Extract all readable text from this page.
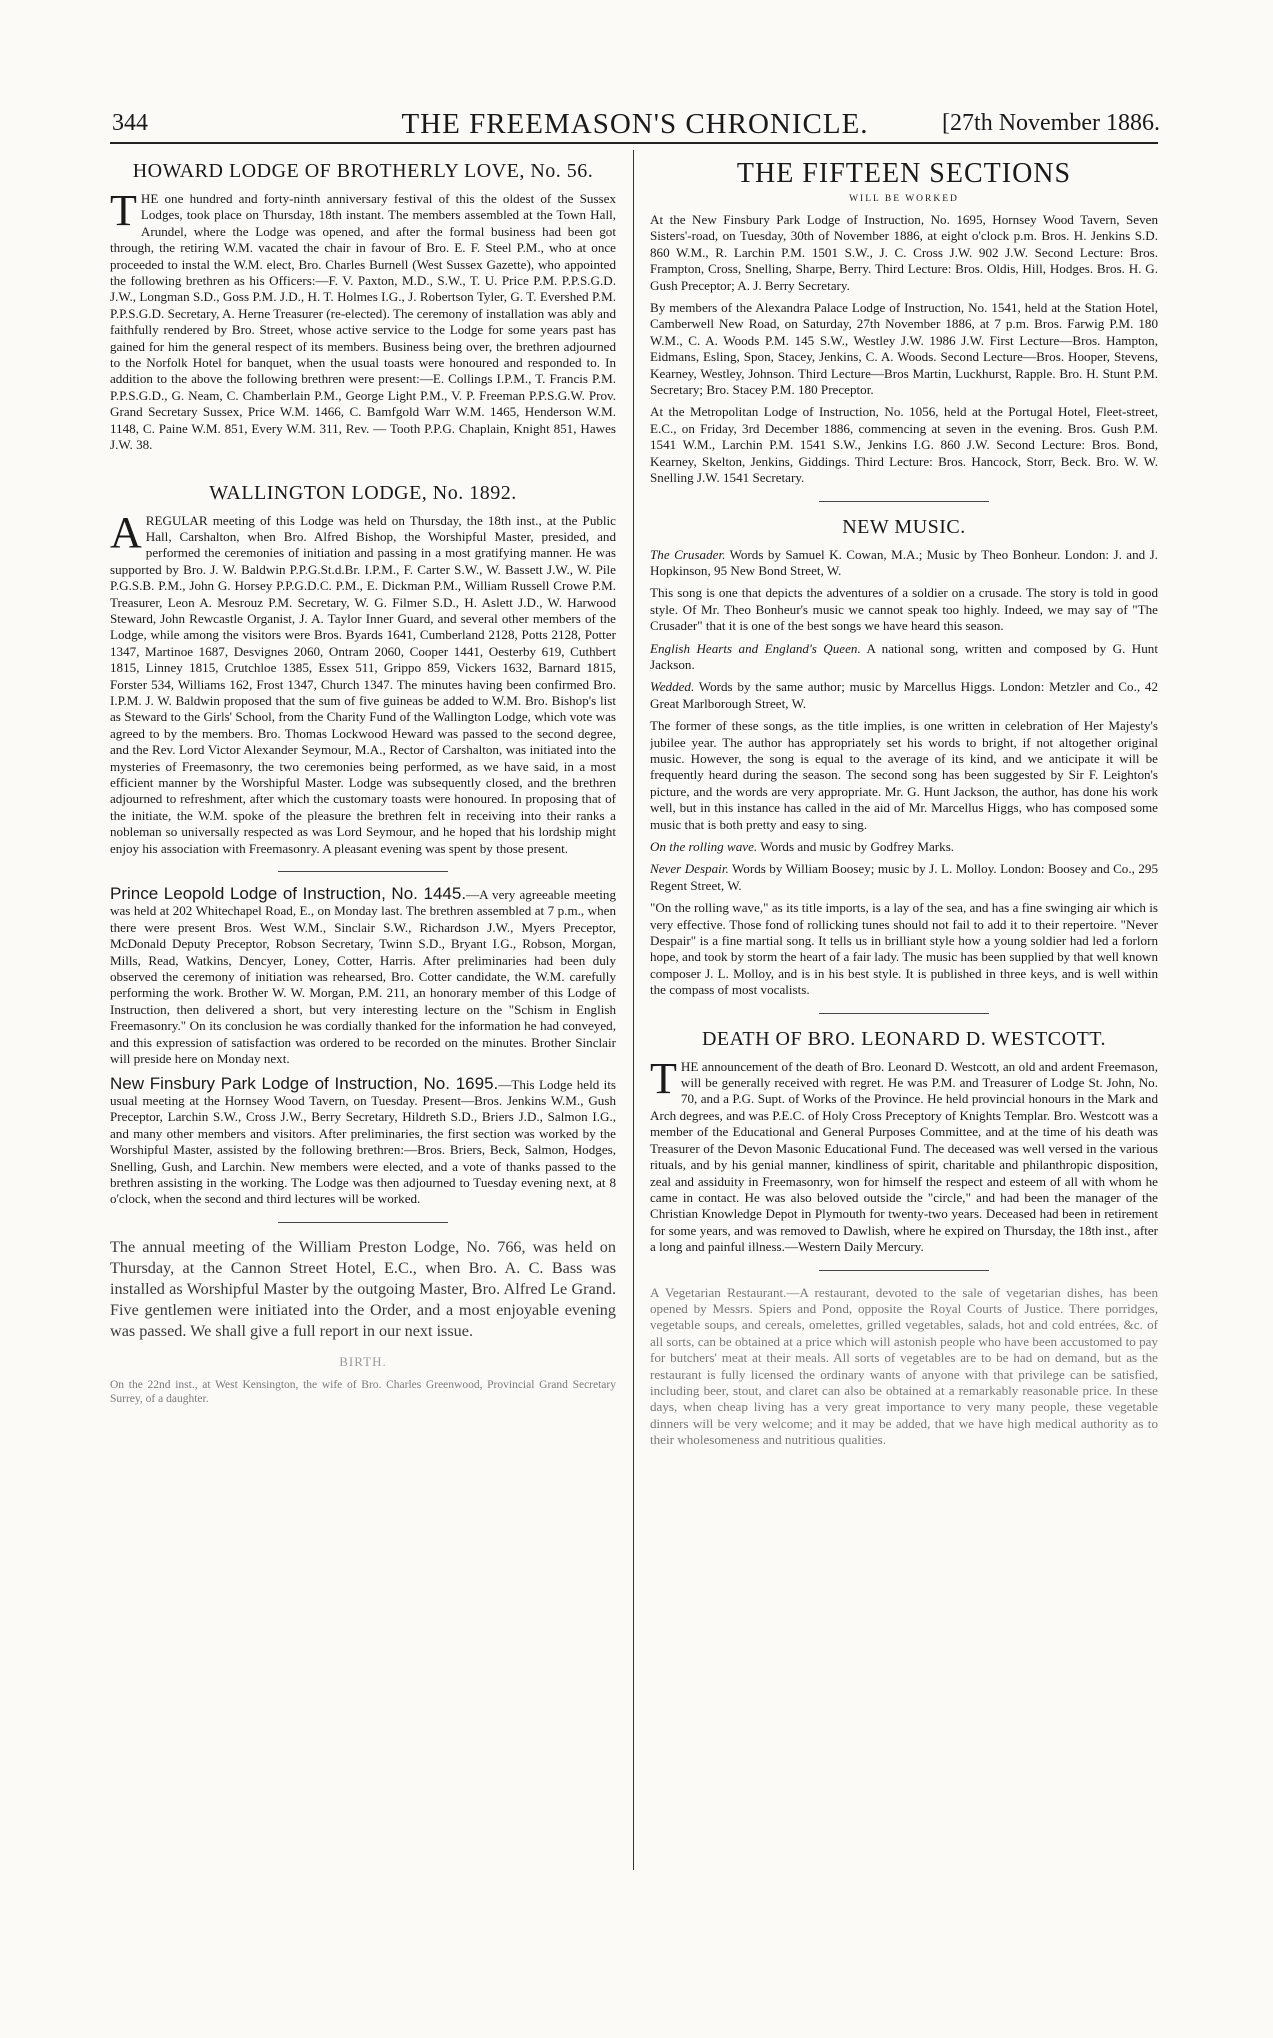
344	THE FREEMASON'S CHRONICLE.	[27th November 1886.
HOWARD LODGE OF BROTHERLY LOVE, No. 56.

THE one hundred and forty-ninth anniversary festival of this the oldest of the Sussex Lodges, took place on Thursday, 18th instant. The members assembled at the Town Hall, Arundel, where the Lodge was opened, and after the formal business had been got through, the retiring W.M. vacated the chair in favour of Bro. E. F. Steel P.M., who at once proceeded to instal the W.M. elect, Bro. Charles Burnell (West Sussex Gazette), who appointed the following brethren as his Officers:—F. V. Paxton, M.D., S.W., T. U. Price P.M. P.P.S.G.D. J.W., Longman S.D., Goss P.M. J.D., H. T. Holmes I.G., J. Robertson Tyler, G. T. Evershed P.M. P.P.S.G.D. Secretary, A. Herne Treasurer (re-elected). The ceremony of installation was ably and faithfully rendered by Bro. Street, whose active service to the Lodge for some years past has gained for him the general respect of its members. Business being over, the brethren adjourned to the Norfolk Hotel for banquet, when the usual toasts were honoured and responded to. In addition to the above the following brethren were present:—E. Collings I.P.M., T. Francis P.M. P.P.S.G.D., G. Neam, C. Chamberlain P.M., George Light P.M., V. P. Freeman P.P.S.G.W. Prov. Grand Secretary Sussex, Price W.M. 1466, C. Bamfgold Warr W.M. 1465, Henderson W.M. 1148, C. Paine W.M. 851, Every W.M. 311, Rev. — Tooth P.P.G. Chaplain, Knight 851, Hawes J.W. 38.

WALLINGTON LODGE, No. 1892.

AREGULAR meeting of this Lodge was held on Thursday, the 18th inst., at the Public Hall, Carshalton, when Bro. Alfred Bishop, the Worshipful Master, presided, and performed the ceremonies of initiation and passing in a most gratifying manner. He was supported by Bro. J. W. Baldwin P.P.G.St.d.Br. I.P.M., F. Carter S.W., W. Bassett J.W., W. Pile P.G.S.B. P.M., John G. Horsey P.P.G.D.C. P.M., E. Dickman P.M., William Russell Crowe P.M. Treasurer, Leon A. Mesrouz P.M. Secretary, W. G. Filmer S.D., H. Aslett J.D., W. Harwood Steward, John Rewcastle Organist, J. A. Taylor Inner Guard, and several other members of the Lodge, while among the visitors were Bros. Byards 1641, Cumberland 2128, Potts 2128, Potter 1347, Martinoe 1687, Desvignes 2060, Ontram 2060, Cooper 1441, Oesterby 619, Cuthbert 1815, Linney 1815, Crutchloe 1385, Essex 511, Grippo 859, Vickers 1632, Barnard 1815, Forster 534, Williams 162, Frost 1347, Church 1347. The minutes having been confirmed Bro. I.P.M. J. W. Baldwin proposed that the sum of five guineas be added to W.M. Bro. Bishop's list as Steward to the Girls' School, from the Charity Fund of the Wallington Lodge, which vote was agreed to by the members. Bro. Thomas Lockwood Heward was passed to the second degree, and the Rev. Lord Victor Alexander Seymour, M.A., Rector of Carshalton, was initiated into the mysteries of Freemasonry, the two ceremonies being performed, as we have said, in a most efficient manner by the Worshipful Master. Lodge was subsequently closed, and the brethren adjourned to refreshment, after which the customary toasts were honoured. In proposing that of the initiate, the W.M. spoke of the pleasure the brethren felt in receiving into their ranks a nobleman so universally respected as was Lord Seymour, and he hoped that his lordship might enjoy his association with Freemasonry. A pleasant evening was spent by those present.

Prince Leopold Lodge of Instruction, No. 1445.—A very agreeable meeting was held at 202 Whitechapel Road, E., on Monday last. The brethren assembled at 7 p.m., when there were present Bros. West W.M., Sinclair S.W., Richardson J.W., Myers Preceptor, McDonald Deputy Preceptor, Robson Secretary, Twinn S.D., Bryant I.G., Robson, Morgan, Mills, Read, Watkins, Dencyer, Loney, Cotter, Harris. After preliminaries had been duly observed the ceremony of initiation was rehearsed, Bro. Cotter candidate, the W.M. carefully performing the work. Brother W. W. Morgan, P.M. 211, an honorary member of this Lodge of Instruction, then delivered a short, but very interesting lecture on the "Schism in English Freemasonry." On its conclusion he was cordially thanked for the information he had conveyed, and this expression of satisfaction was ordered to be recorded on the minutes. Brother Sinclair will preside here on Monday next.

New Finsbury Park Lodge of Instruction, No. 1695.—This Lodge held its usual meeting at the Hornsey Wood Tavern, on Tuesday. Present—Bros. Jenkins W.M., Gush Preceptor, Larchin S.W., Cross J.W., Berry Secretary, Hildreth S.D., Briers J.D., Salmon I.G., and many other members and visitors. After preliminaries, the first section was worked by the Worshipful Master, assisted by the following brethren:—Bros. Briers, Beck, Salmon, Hodges, Snelling, Gush, and Larchin. New members were elected, and a vote of thanks passed to the brethren assisting in the working. The Lodge was then adjourned to Tuesday evening next, at 8 o'clock, when the second and third lectures will be worked.

The annual meeting of the William Preston Lodge, No. 766, was held on Thursday, at the Cannon Street Hotel, E.C., when Bro. A. C. Bass was installed as Worshipful Master by the outgoing Master, Bro. Alfred Le Grand. Five gentlemen were initiated into the Order, and a most enjoyable evening was passed. We shall give a full report in our next issue.

BIRTH.

On the 22nd inst., at West Kensington, the wife of Bro. Charles Greenwood, Provincial Grand Secretary Surrey, of a daughter.

THE FIFTEEN SECTIONS
WILL BE WORKED

At the New Finsbury Park Lodge of Instruction, No. 1695, Hornsey Wood Tavern, Seven Sisters'-road, on Tuesday, 30th of November 1886, at eight o'clock p.m. Bros. H. Jenkins S.D. 860 W.M., R. Larchin P.M. 1501 S.W., J. C. Cross J.W. 902 J.W. Second Lecture: Bros. Frampton, Cross, Snelling, Sharpe, Berry. Third Lecture: Bros. Oldis, Hill, Hodges. Bros. H. G. Gush Preceptor; A. J. Berry Secretary.

By members of the Alexandra Palace Lodge of Instruction, No. 1541, held at the Station Hotel, Camberwell New Road, on Saturday, 27th November 1886, at 7 p.m. Bros. Farwig P.M. 180 W.M., C. A. Woods P.M. 145 S.W., Westley J.W. 1986 J.W. First Lecture—Bros. Hampton, Eidmans, Esling, Spon, Stacey, Jenkins, C. A. Woods. Second Lecture—Bros. Hooper, Stevens, Kearney, Westley, Johnson. Third Lecture—Bros Martin, Luckhurst, Rapple. Bro. H. Stunt P.M. Secretary; Bro. Stacey P.M. 180 Preceptor.

At the Metropolitan Lodge of Instruction, No. 1056, held at the Portugal Hotel, Fleet-street, E.C., on Friday, 3rd December 1886, commencing at seven in the evening. Bros. Gush P.M. 1541 W.M., Larchin P.M. 1541 S.W., Jenkins I.G. 860 J.W. Second Lecture: Bros. Bond, Kearney, Skelton, Jenkins, Giddings. Third Lecture: Bros. Hancock, Storr, Beck. Bro. W. W. Snelling J.W. 1541 Secretary.

NEW MUSIC.

The Crusader. Words by Samuel K. Cowan, M.A.; Music by Theo Bonheur. London: J. and J. Hopkinson, 95 New Bond Street, W.

This song is one that depicts the adventures of a soldier on a crusade. The story is told in good style. Of Mr. Theo Bonheur's music we cannot speak too highly. Indeed, we may say of "The Crusader" that it is one of the best songs we have heard this season.

English Hearts and England's Queen. A national song, written and composed by G. Hunt Jackson.

Wedded. Words by the same author; music by Marcellus Higgs. London: Metzler and Co., 42 Great Marlborough Street, W.

The former of these songs, as the title implies, is one written in celebration of Her Majesty's jubilee year. The author has appropriately set his words to bright, if not altogether original music. However, the song is equal to the average of its kind, and we anticipate it will be frequently heard during the season. The second song has been suggested by Sir F. Leighton's picture, and the words are very appropriate. Mr. G. Hunt Jackson, the author, has done his work well, but in this instance has called in the aid of Mr. Marcellus Higgs, who has composed some music that is both pretty and easy to sing.

On the rolling wave. Words and music by Godfrey Marks.

Never Despair. Words by William Boosey; music by J. L. Molloy. London: Boosey and Co., 295 Regent Street, W.

"On the rolling wave," as its title imports, is a lay of the sea, and has a fine swinging air which is very effective. Those fond of rollicking tunes should not fail to add it to their repertoire. "Never Despair" is a fine martial song. It tells us in brilliant style how a young soldier had led a forlorn hope, and took by storm the heart of a fair lady. The music has been supplied by that well known composer J. L. Molloy, and is in his best style. It is published in three keys, and is well within the compass of most vocalists.

DEATH OF BRO. LEONARD D. WESTCOTT.

THE announcement of the death of Bro. Leonard D. Westcott, an old and ardent Freemason, will be generally received with regret. He was P.M. and Treasurer of Lodge St. John, No. 70, and a P.G. Supt. of Works of the Province. He held provincial honours in the Mark and Arch degrees, and was P.E.C. of Holy Cross Preceptory of Knights Templar. Bro. Westcott was a member of the Educational and General Purposes Committee, and at the time of his death was Treasurer of the Devon Masonic Educational Fund. The deceased was well versed in the various rituals, and by his genial manner, kindliness of spirit, charitable and philanthropic disposition, zeal and assiduity in Freemasonry, won for himself the respect and esteem of all with whom he came in contact. He was also beloved outside the "circle," and had been the manager of the Christian Knowledge Depot in Plymouth for twenty-two years. Deceased had been in retirement for some years, and was removed to Dawlish, where he expired on Thursday, the 18th inst., after a long and painful illness.—Western Daily Mercury.

A Vegetarian Restaurant.—A restaurant, devoted to the sale of vegetarian dishes, has been opened by Messrs. Spiers and Pond, opposite the Royal Courts of Justice. There porridges, vegetable soups, and cereals, omelettes, grilled vegetables, salads, hot and cold entrées, &c. of all sorts, can be obtained at a price which will astonish people who have been accustomed to pay for butchers' meat at their meals. All sorts of vegetables are to be had on demand, but as the restaurant is fully licensed the ordinary wants of anyone with that privilege can be satisfied, including beer, stout, and claret can also be obtained at a remarkably reasonable price. In these days, when cheap living has a very great importance to very many people, these vegetable dinners will be very welcome; and it may be added, that we have high medical authority as to their wholesomeness and nutritious qualities.
